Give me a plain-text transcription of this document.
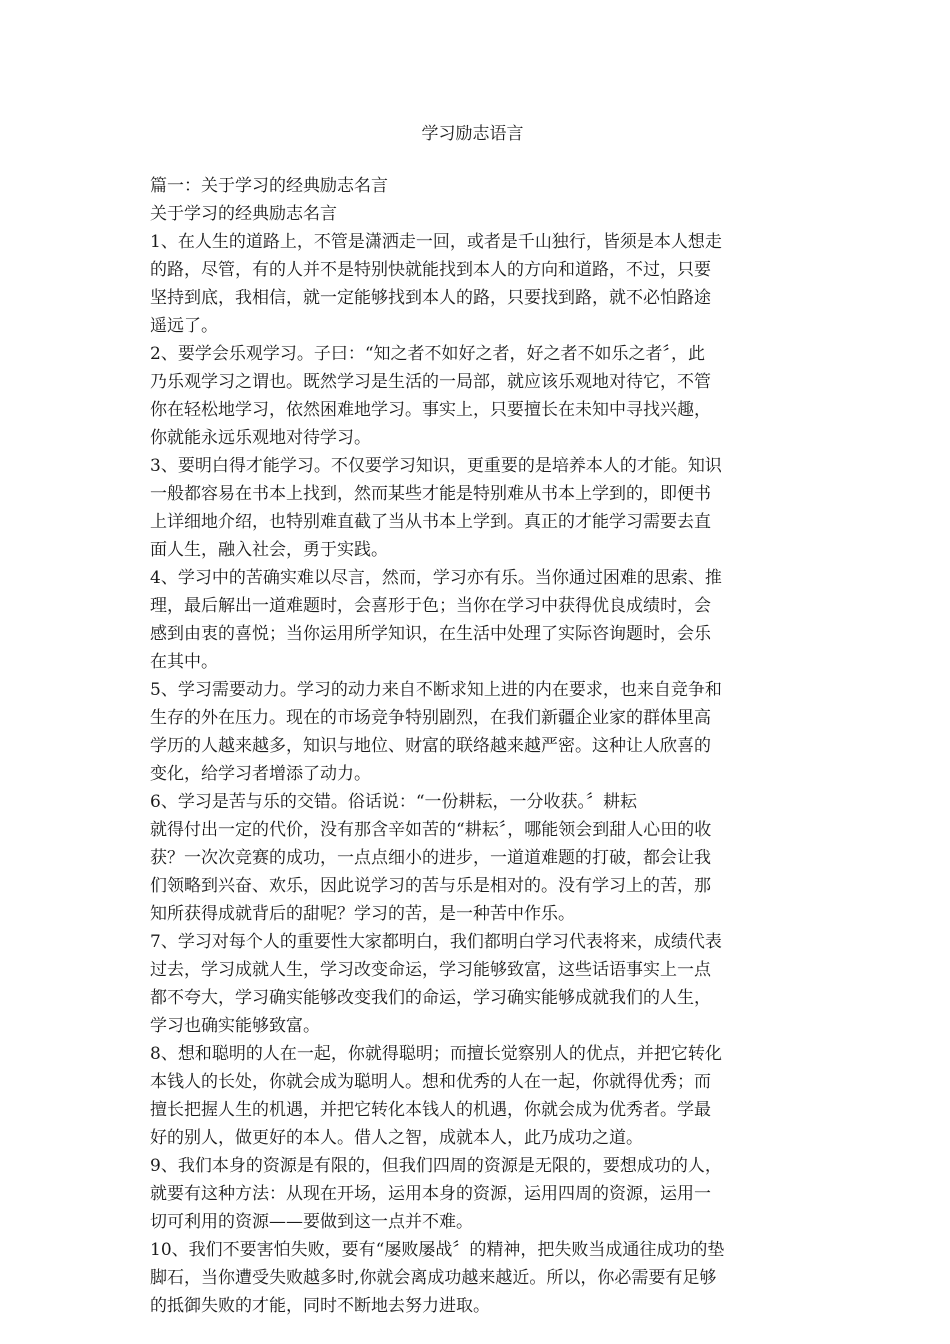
学习励志语言

篇一：关于学习的经典励志名言

关于学习的经典励志名言

1、在人生的道路上，不管是潇洒走一回，或者是千山独行，皆须是本人想走
的路，尽管，有的人并不是特别快就能找到本人的方向和道路，不过，只要
坚持到底，我相信，就一定能够找到本人的路，只要找到路，就不必怕路途
遥远了。

2、要学会乐观学习。子曰：“知之者不如好之者，好之者不如乐之者〞，此
乃乐观学习之谓也。既然学习是生活的一局部，就应该乐观地对待它，不管
你在轻松地学习，依然困难地学习。事实上，只要擅长在未知中寻找兴趣，
你就能永远乐观地对待学习。

3、要明白得才能学习。不仅要学习知识，更重要的是培养本人的才能。知识
一般都容易在书本上找到，然而某些才能是特别难从书本上学到的，即便书
上详细地介绍，也特别难直截了当从书本上学到。真正的才能学习需要去直
面人生，融入社会，勇于实践。

4、学习中的苦确实难以尽言，然而，学习亦有乐。当你通过困难的思索、推
理，最后解出一道难题时，会喜形于色；当你在学习中获得优良成绩时，会
感到由衷的喜悦；当你运用所学知识，在生活中处理了实际咨询题时，会乐
在其中。

5、学习需要动力。学习的动力来自不断求知上进的内在要求，也来自竞争和
生存的外在压力。现在的市场竞争特别剧烈，在我们新疆企业家的群体里高
学历的人越来越多，知识与地位、财富的联络越来越严密。这种让人欣喜的
变化，给学习者增添了动力。

6、学习是苦与乐的交错。俗话说：“一份耕耘，一分收获。〞耕耘
就得付出一定的代价，没有那含辛如苦的“耕耘〞，哪能领会到甜人心田的收
获？一次次竞赛的成功，一点点细小的进步，一道道难题的打破，都会让我
们领略到兴奋、欢乐，因此说学习的苦与乐是相对的。没有学习上的苦，那
知所获得成就背后的甜呢？学习的苦，是一种苦中作乐。

7、学习对每个人的重要性大家都明白，我们都明白学习代表将来，成绩代表
过去，学习成就人生，学习改变命运，学习能够致富，这些话语事实上一点
都不夸大，学习确实能够改变我们的命运，学习确实能够成就我们的人生，
学习也确实能够致富。

8、想和聪明的人在一起，你就得聪明；而擅长觉察别人的优点，并把它转化
本钱人的长处，你就会成为聪明人。想和优秀的人在一起，你就得优秀；而
擅长把握人生的机遇，并把它转化本钱人的机遇，你就会成为优秀者。学最
好的别人，做更好的本人。借人之智，成就本人，此乃成功之道。

9、我们本身的资源是有限的，但我们四周的资源是无限的，要想成功的人，
就要有这种方法：从现在开场，运用本身的资源，运用四周的资源，运用一
切可利用的资源——要做到这一点并不难。

10、我们不要害怕失败，要有“屡败屡战〞的精神，把失败当成通往成功的垫
脚石，当你遭受失败越多时,你就会离成功越来越近。所以，你必需要有足够
的抵御失败的才能，同时不断地去努力进取。
